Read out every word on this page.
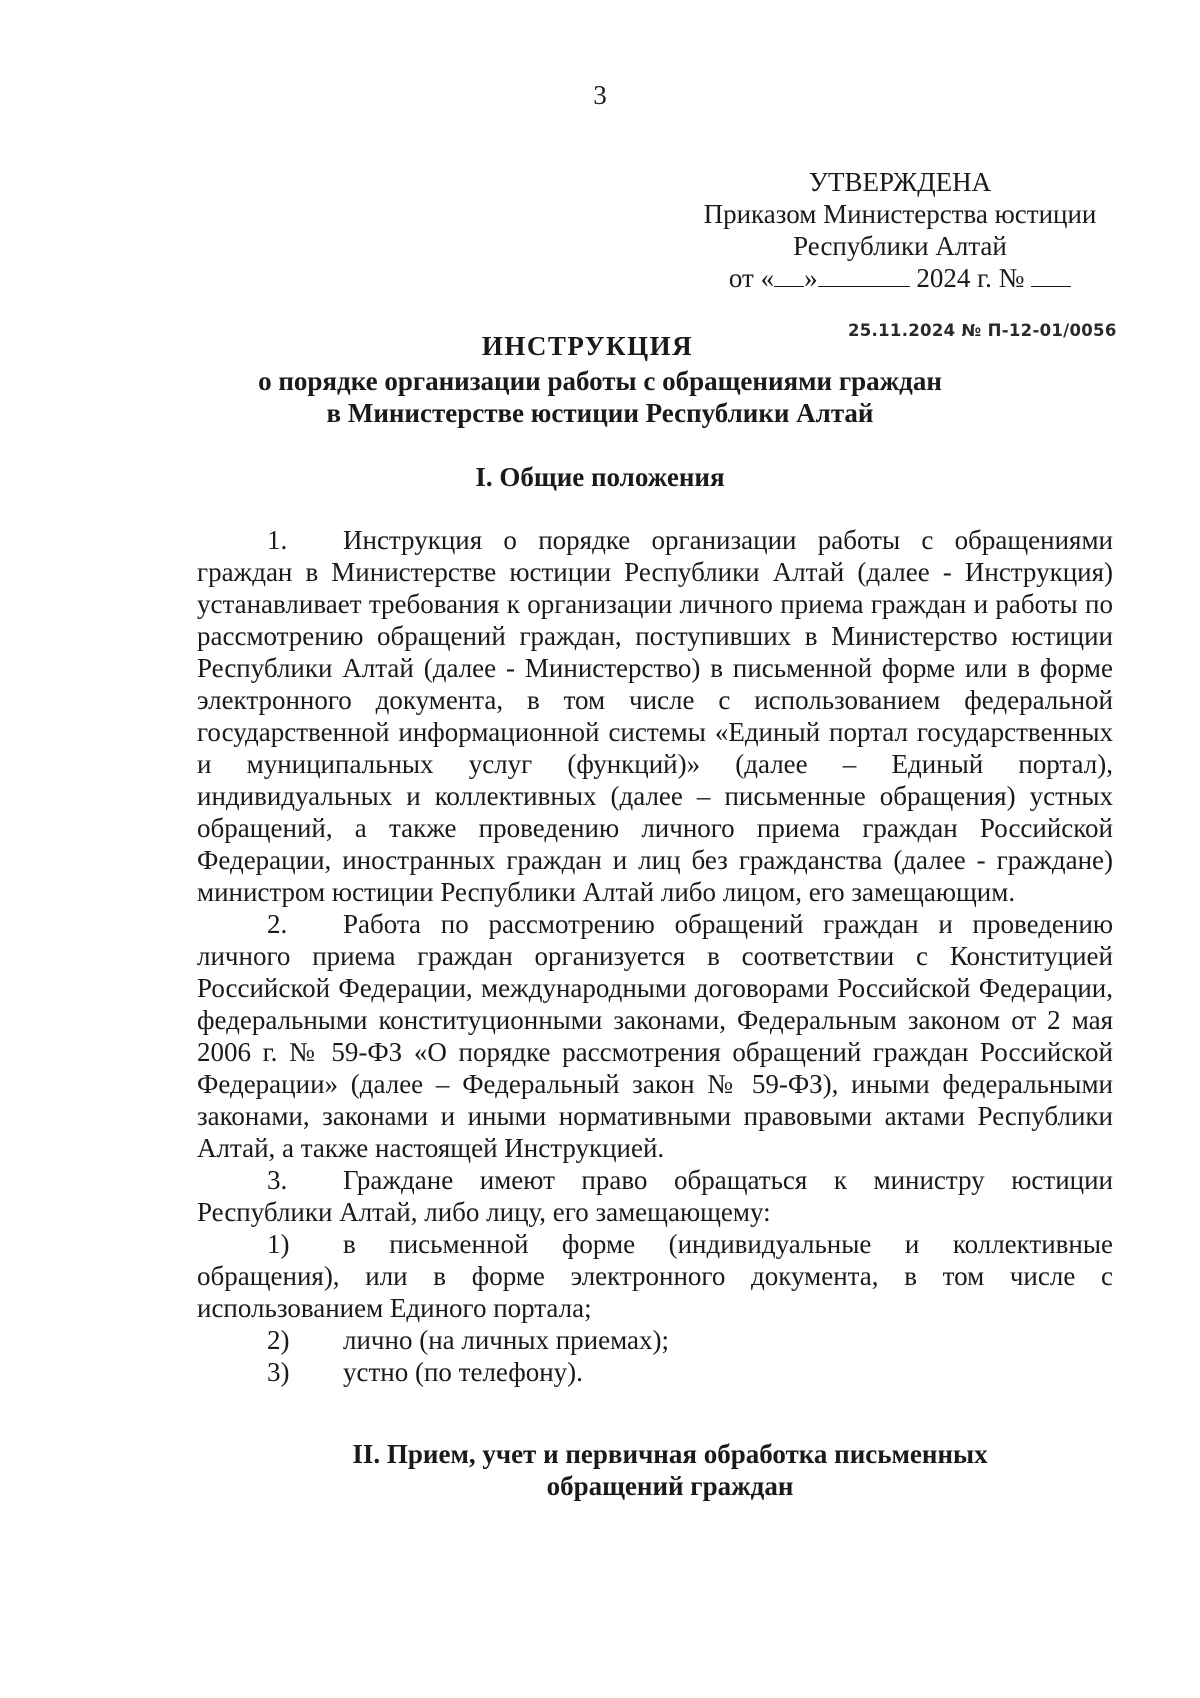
3
УТВЕРЖДЕНА
Приказом Министерства юстиции
Республики Алтай
от « »	2024 г. №
25.11.2024 № П-12-01/0056
ИНСТРУКЦИЯ
о порядке организации работы с обращениями граждан
в Министерстве юстиции Республики Алтай
I. Общие положения
1. Инструкция о порядке организации работы с обращениями граждан в Министерстве юстиции Республики Алтай (далее - Инструкция) устанавливает требования к организации личного приема граждан и работы по рассмотрению обращений граждан, поступивших в Министерство юстиции Республики Алтай (далее - Министерство) в письменной форме или в форме электронного документа, в том числе с использованием федеральной государственной информационной системы «Единый портал государственных и муниципальных услуг (функций)» (далее – Единый портал), индивидуальных и коллективных (далее – письменные обращения) устных обращений, а также проведению личного приема граждан Российской Федерации, иностранных граждан и лиц без гражданства (далее - граждане) министром юстиции Республики Алтай либо лицом, его замещающим.
2. Работа по рассмотрению обращений граждан и проведению личного приема граждан организуется в соответствии с Конституцией Российской Федерации, международными договорами Российской Федерации, федеральными конституционными законами, Федеральным законом от 2 мая 2006 г. № 59-ФЗ «О порядке рассмотрения обращений граждан Российской Федерации» (далее – Федеральный закон № 59-ФЗ), иными федеральными законами, законами и иными нормативными правовыми актами Республики Алтай, а также настоящей Инструкцией.
3. Граждане имеют право обращаться к министру юстиции Республики Алтай, либо лицу, его замещающему:
1) в письменной форме (индивидуальные и коллективные обращения), или в форме электронного документа, в том числе с использованием Единого портала;
2) лично (на личных приемах);
3) устно (по телефону).
II. Прием, учет и первичная обработка письменных
обращений граждан
